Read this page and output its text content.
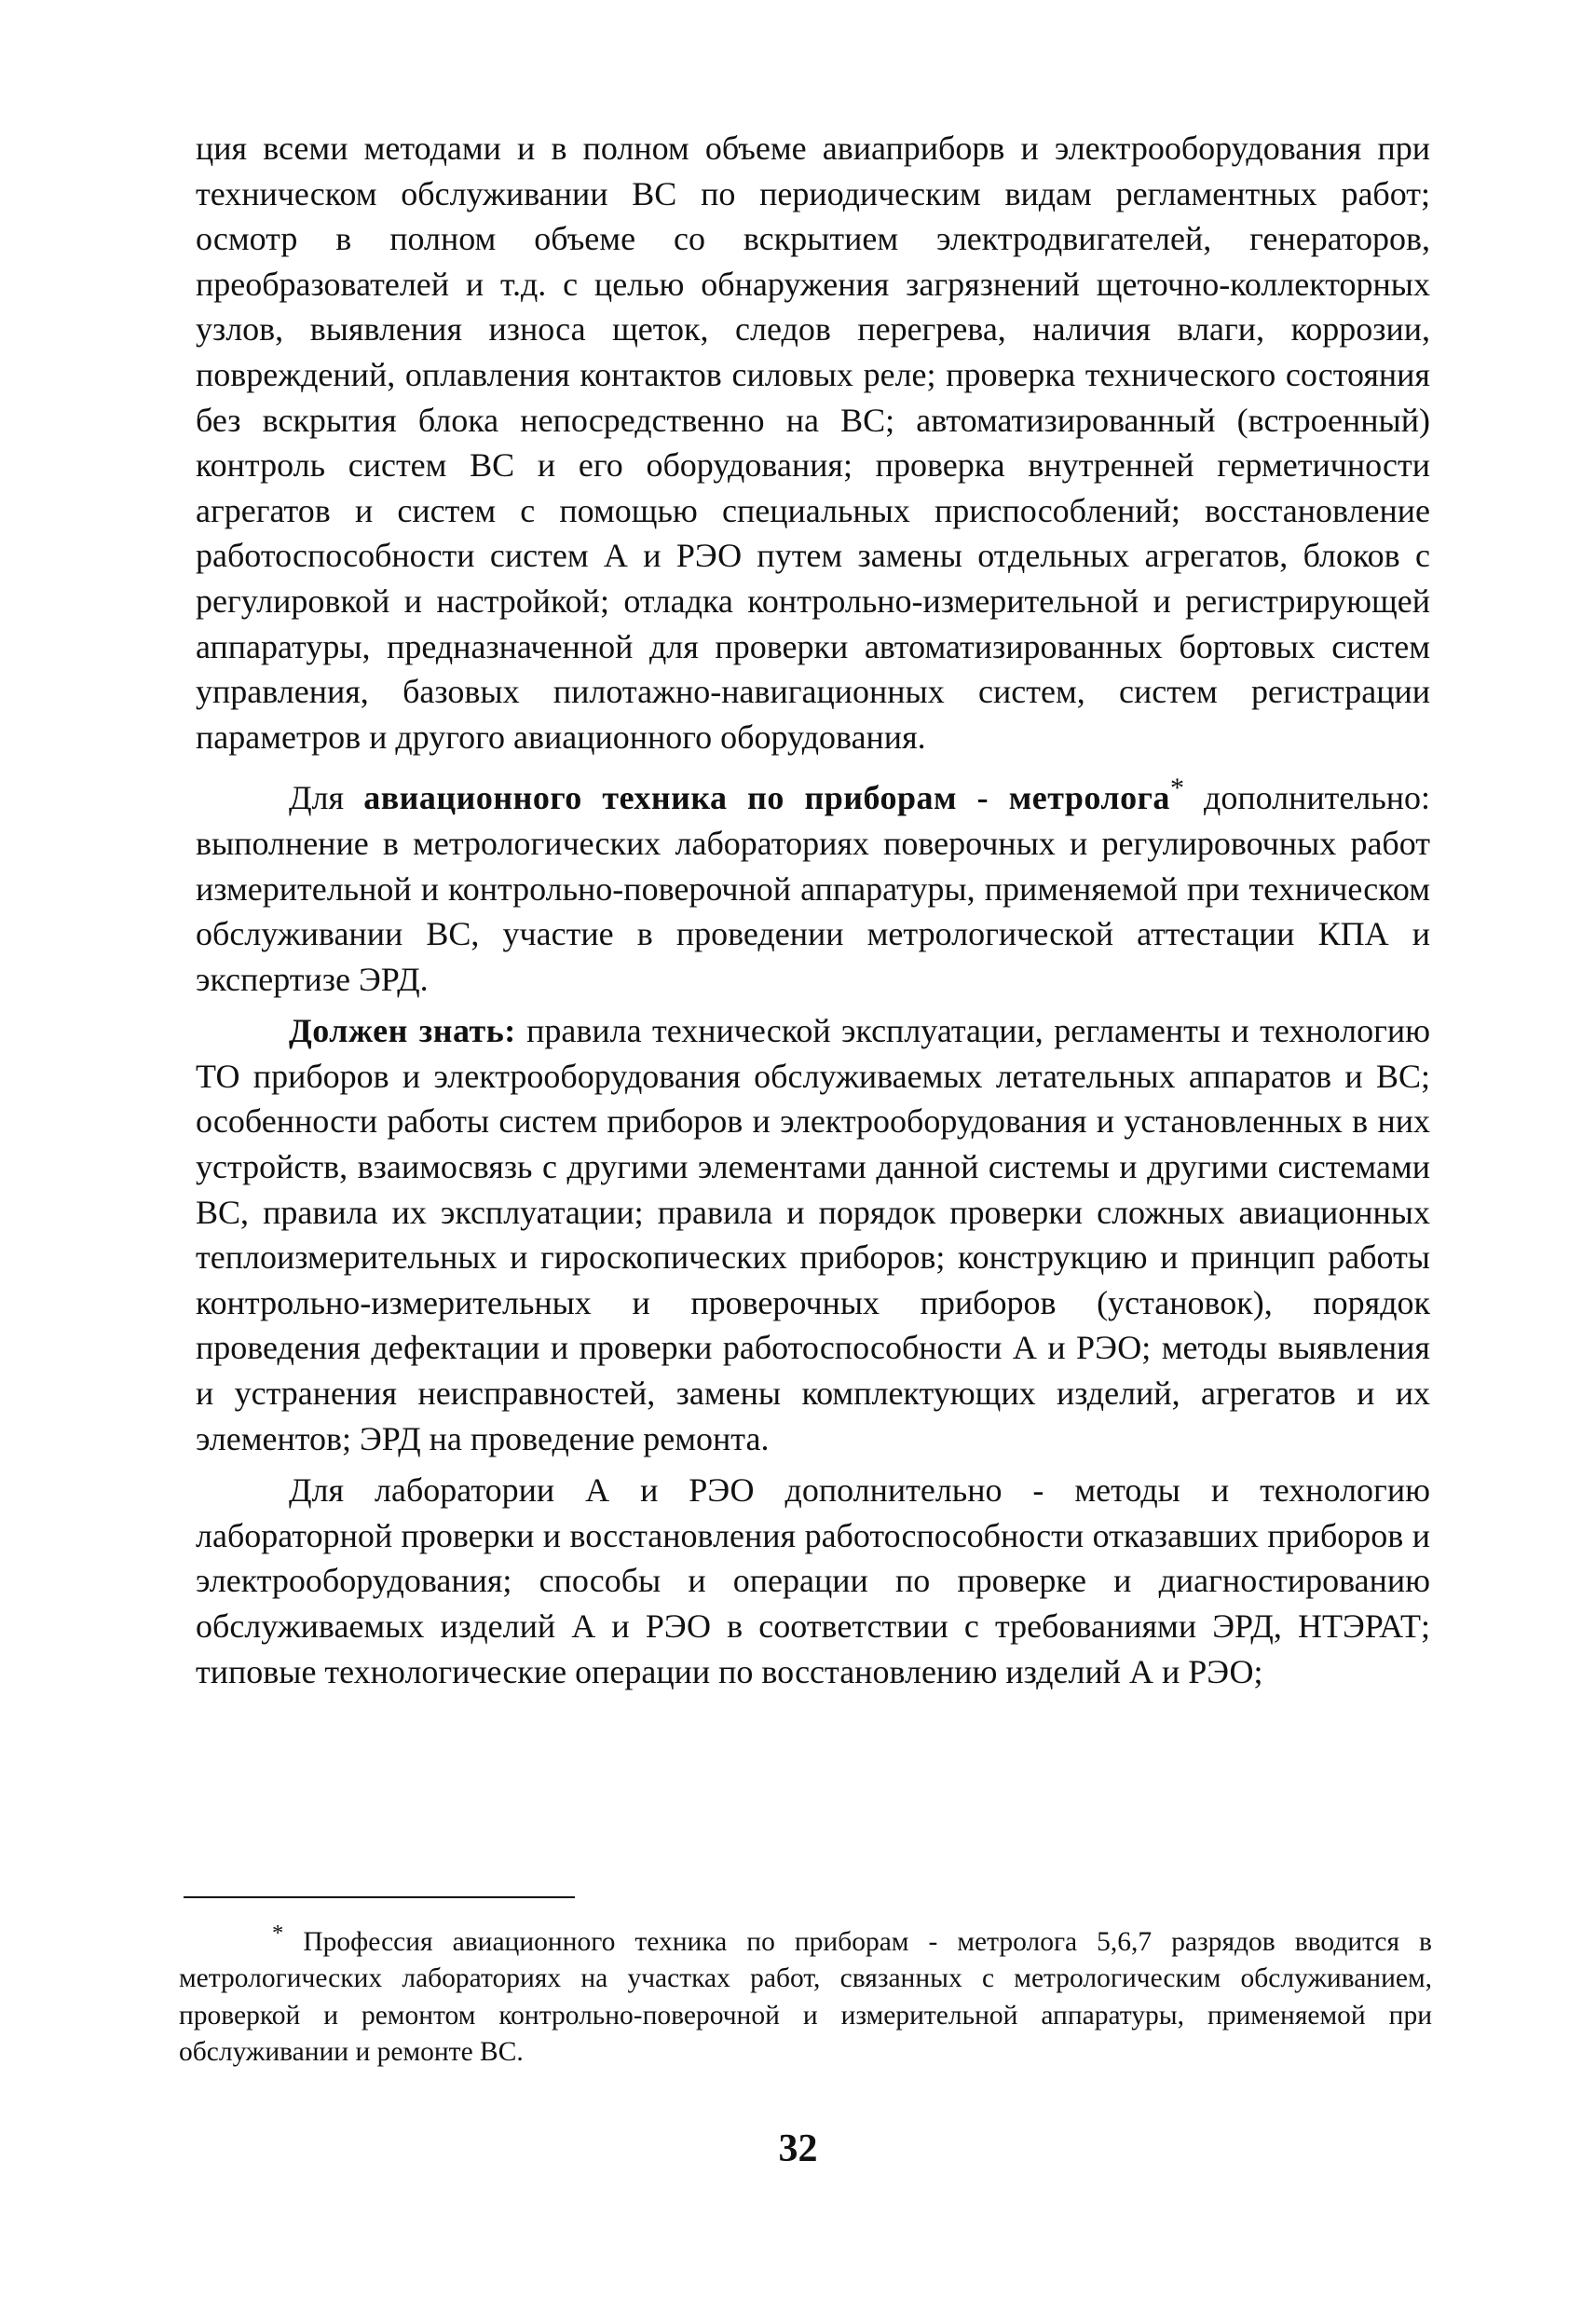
ция всеми методами и в полном объеме авиаприборв и электрооборудования при техническом обслуживании ВС по периодическим видам регламентных работ; осмотр в полном объеме со вскрытием электродвигателей, генераторов, преобразователей и т.д. с целью обнаружения загрязнений щеточно-коллекторных узлов, выявления износа щеток, следов перегрева, наличия влаги, коррозии, повреждений, оплавления контактов силовых реле; проверка технического состояния без вскрытия блока непосредственно на ВС; автоматизированный (встроенный) контроль систем ВС и его оборудования; проверка внутренней герметичности агрегатов и систем с помощью специальных приспособлений; восстановление работоспособности систем А и РЭО путем замены отдельных агрегатов, блоков с регулировкой и настройкой; отладка контрольно-измерительной и регистрирующей аппаратуры, предназначенной для проверки автоматизированных бортовых систем управления, базовых пилотажно-навигационных систем, систем регистрации параметров и другого авиационного оборудования.

Для авиационного техника по приборам - метролога* дополнительно: выполнение в метрологических лабораториях поверочных и регулировочных работ измерительной и контрольно-поверочной аппаратуры, применяемой при техническом обслуживании ВС, участие в проведении метрологической аттестации КПА и экспертизе ЭРД.

Должен знать: правила технической эксплуатации, регламенты и технологию ТО приборов и электрооборудования обслуживаемых летательных аппаратов и ВС; особенности работы систем приборов и электрооборудования и установленных в них устройств, взаимосвязь с другими элементами данной системы и другими системами ВС, правила их эксплуатации; правила и порядок проверки сложных авиационных теплоизмерительных и гироскопических приборов; конструкцию и принцип работы контрольно-измерительных и проверочных приборов (установок), порядок проведения дефектации и проверки работоспособности А и РЭО; методы выявления и устранения неисправностей, замены комплектующих изделий, агрегатов и их элементов; ЭРД на проведение ремонта.

Для лаборатории А и РЭО дополнительно - методы и технологию лабораторной проверки и восстановления работоспособности отказавших приборов и электрооборудования; способы и операции по проверке и диагностированию обслуживаемых изделий А и РЭО в соответствии с требованиями ЭРД, НТЭРАТ; типовые технологические операции по восстановлению изделий А и РЭО;

* Профессия авиационного техника по приборам - метролога 5,6,7 разрядов вводится в метрологических лабораториях на участках работ, связанных с метрологическим обслуживанием, проверкой и ремонтом контрольно-поверочной и измерительной аппаратуры, применяемой при обслуживании и ремонте ВС.

32
